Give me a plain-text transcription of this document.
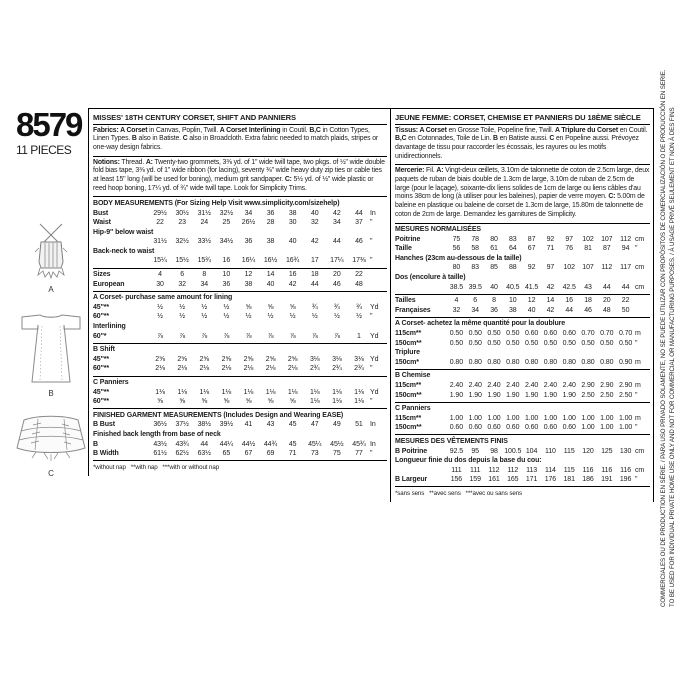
8579
11 PIECES
A
B
C
MISSES' 18TH CENTURY CORSET, SHIFT AND PANNIERS

Fabrics: A Corset in Canvas, Poplin, Twill. A Corset Interlining in Coutil. B,C in Cotton Types, Linen Types. B also in Batiste. C also in Broadcloth. Extra fabric needed to match plaids, stripes or one-way design fabrics.

Notions: Thread. A: Twenty-two grommets, 3⅜ yd. of 1" wide twill tape, two pkgs. of ½" wide double fold bias tape, 3⅜ yd. of 1" wide ribbon (for lacing), seventy ⅜" wide heavy duty zip ties or cable ties at least 15" long (will be used for boning), medium grit sandpaper. C: 5½ yd. of ½" wide plastic or reed hoop boning, 17¼ yd. of ¾" wide twill tape. Look for Simplicity Trims.

BODY MEASUREMENTS (For Sizing Help Visit www.simplicity.com/sizehelp)
Bust	29½	30½	31½	32½	34	36	38	40	42	44	In
Waist	22	23	24	25	26½	28	30	32	34	37	"
Hip-9" below waist
31½	32½	33½	34½	36	38	40	42	44	46	"
Back-neck to waist
15¼	15½	15¾	16	16¼	16½	16¾	17	17¼	17⅜ "
Sizes	4	6	8	10	12	14	16	18	20	22
European	30	32	34	36	38	40	42	44	46	48
A Corset- purchase same amount for lining
45"**	½	½	½	½	⅝	⅝	⅝	¾	¾	¾	Yd
60"**	½	½	½	½	½	½	½	½	½	½	"
Interlining
60"*	⅞	⅞	⅞	⅞	⅞	⅞	⅞	⅞	⅞	1	Yd
B Shift
45"**	2⅝	2⅝	2⅝	2⅝	2⅝	2⅝	2⅝	3⅛	3⅛	3⅛ Yd
60"**	2⅛	2⅛	2⅛	2⅛	2⅛	2⅛	2⅛	2¾	2¾	2¾ "
C Panniers
45"**	1⅛	1⅛	1⅛	1⅛	1⅛	1⅛	1⅛	1⅛	1⅛	1⅛ Yd
60"**	⅝	⅝	⅝	⅝	⅝	⅝	⅝	1⅛	1⅛	1⅛ "
FINISHED GARMENT MEASUREMENTS (Includes Design and Wearing EASE)
B Bust	36½	37½	38½	39½	41	43	45	47	49	51	In
Finished back length from base of neck
B	43½	43¾	44	44¼	44½	44¾	45	45¼	45½	45¾ In
B Width	61½	62½	63½	65	67	69	71	73	75	77	"
*without nap   **with nap   ***with or without nap
JEUNE FEMME: CORSET, CHEMISE ET PANNIERS DU 18ÈME SIÈCLE

Tissus: A Corset en Grosse Toile, Popeline fine, Twill. A Triplure du Corset en Coutil. B,C en Cotonnades, Toile de Lin. B en Batiste aussi. C en Popeline aussi. Prévoyez davantage de tissu pour raccorder les écossais, les rayures ou les motifs unidirectionnels.

Mercerie: Fil. A: Vingt-deux œillets, 3.10m de talonnette de coton de 2.5cm large, deux paquets de ruban de biais double de 1.3cm de large, 3.10m de ruban de 2.5cm de large (pour le laçage), soixante-dix liens solides de 1cm de large ou liens câbles d'au moins 38cm de long (à utiliser pour les baleines), papier de verre moyen. C: 5.00m de baleine en plastique ou baleine de corset de 1.3cm de large, 15.80m de talonnette de coton de 2cm de large. Demandez les garnitures de Simplicity.

MESURES NORMALISÉES
Poitrine	75	78	80	83	87	92	97	102	107	112 cm
Taille	56	58	61	64	67	71	76	81	87	94 "
Hanches (23cm au-dessous de la taille)
80	83	85	88	92	97	102	107	112	117 cm
Dos (encolure à taille)
38.5 39.5	40	40.5 41.5	42	42.5	43	44	44 cm
Tailles	4	6	8	10	12	14	16	18	20	22
Françaises	32	34	36	38	40	42	44	46	48	50
A Corset- achetez la même quantité pour la doublure
115cm**	0.50 0.50 0.50 0.50 0.60 0.60 0.60 0.70 0.70 0.70 m
150cm**	0.50 0.50 0.50 0.50 0.50 0.50 0.50 0.50 0.50 0.50 "
Triplure
150cm*	0.80 0.80 0.80 0.80 0.80 0.80 0.80 0.80 0.80 0.90 m
B Chemise
115cm**	2.40 2.40 2.40 2.40 2.40 2.40 2.40 2.90 2.90 2.90 m
150cm**	1.90 1.90 1.90 1.90 1.90 1.90 1.90 2.50 2.50 2.50 "
C Panniers
115cm**	1.00 1.00 1.00 1.00 1.00 1.00 1.00 1.00 1.00 1.00 m
150cm**	0.60 0.60 0.60 0.60 0.60 0.60 0.60 1.00 1.00 1.00 "
MESURES DES VÊTEMENTS FINIS
B Poitrine	92.5	95	98 100.5 104	110	115	120	125	130 cm
Longueur finie du dos depuis la base du cou:
111	111	112	112	113	114	115	116	116	116 cm
B Largeur	156	159	161	165	171	176	181	186	191	196 "
*sans sens   **avec sens   ***avec ou sans sens	TO BE USED FOR INDIVIDUAL PRIVATE HOME USE ONLY AND NOT FOR COMMERCIAL OR MANUFACTURING PURPOSES. / À USAGE PRIVÉ SEULEMENT ET NON À DES FINS
COMMERCIALES OU DE PRODUCTION EN SÉRIE. / PARA USO PRIVADO SOLAMENTE, NO SE PUEDE UTILIZAR CON PROPÓSITOS DE COMERCIALIZACIÓN O DE PRODUCCIÓN EN SERIE.
